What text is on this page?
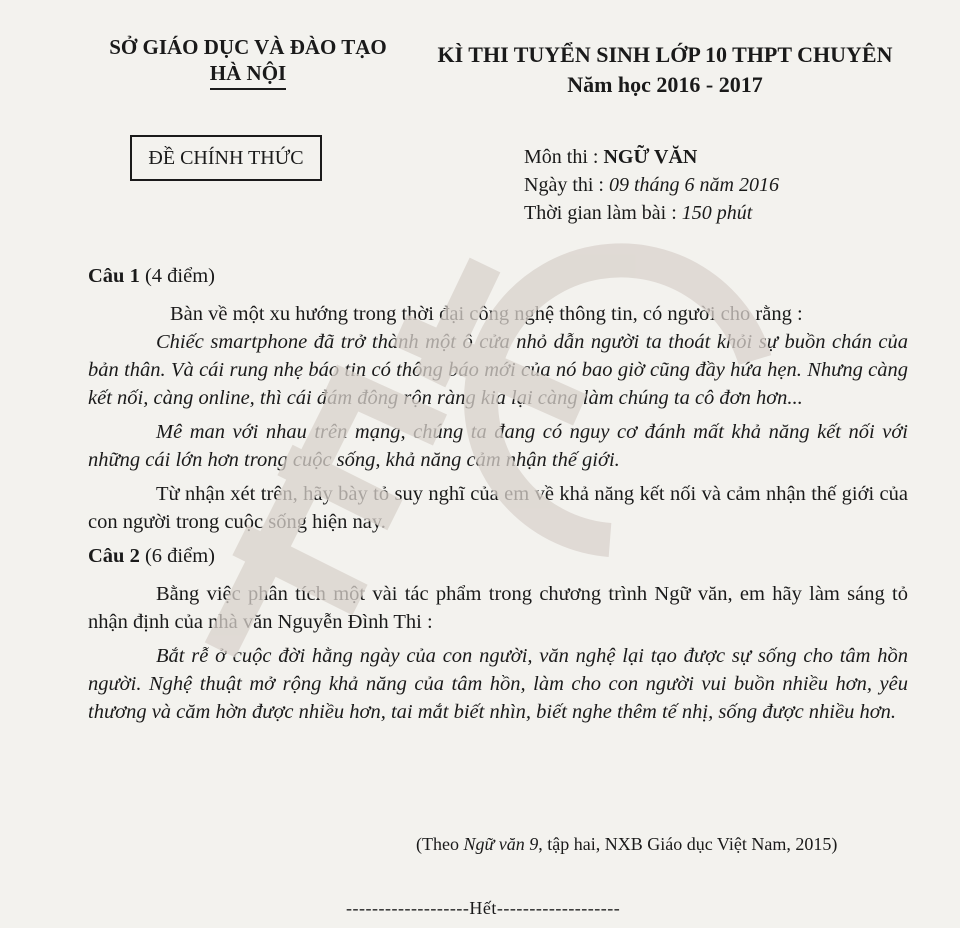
SỞ GIÁO DỤC VÀ ĐÀO TẠO
HÀ NỘI
KÌ THI TUYỂN SINH LỚP 10 THPT CHUYÊN
Năm học 2016 - 2017
ĐỀ CHÍNH THỨC	Môn thi : NGỮ VĂN
Ngày thi : 09 tháng 6 năm 2016
Thời gian làm bài : 150 phút
Câu 1 (4 điểm)

Bàn về một xu hướng trong thời đại công nghệ thông tin, có người cho rằng :

Chiếc smartphone đã trở thành một ô cửa nhỏ dẫn người ta thoát khỏi sự buồn chán của bản thân. Và cái rung nhẹ báo tin có thông báo mới của nó bao giờ cũng đầy hứa hẹn. Nhưng càng kết nối, càng online, thì cái đám đông rộn ràng kia lại càng làm chúng ta cô đơn hơn...

Mê man với nhau trên mạng, chúng ta đang có nguy cơ đánh mất khả năng kết nối với những cái lớn hơn trong cuộc sống, khả năng cảm nhận thế giới.

Từ nhận xét trên, hãy bày tỏ suy nghĩ của em về khả năng kết nối và cảm nhận thế giới của con người trong cuộc sống hiện nay.

Câu 2 (6 điểm)

Bằng việc phân tích một vài tác phẩm trong chương trình Ngữ văn, em hãy làm sáng tỏ nhận định của nhà văn Nguyễn Đình Thi :

Bắt rễ ở cuộc đời hằng ngày của con người, văn nghệ lại tạo được sự sống cho tâm hồn người. Nghệ thuật mở rộng khả năng của tâm hồn, làm cho con người vui buồn nhiều hơn, yêu thương và căm hờn được nhiều hơn, tai mắt biết nhìn, biết nghe thêm tế nhị, sống được nhiều hơn.

(Theo Ngữ văn 9, tập hai, NXB Giáo dục Việt Nam, 2015)
-------------------Hết-------------------
